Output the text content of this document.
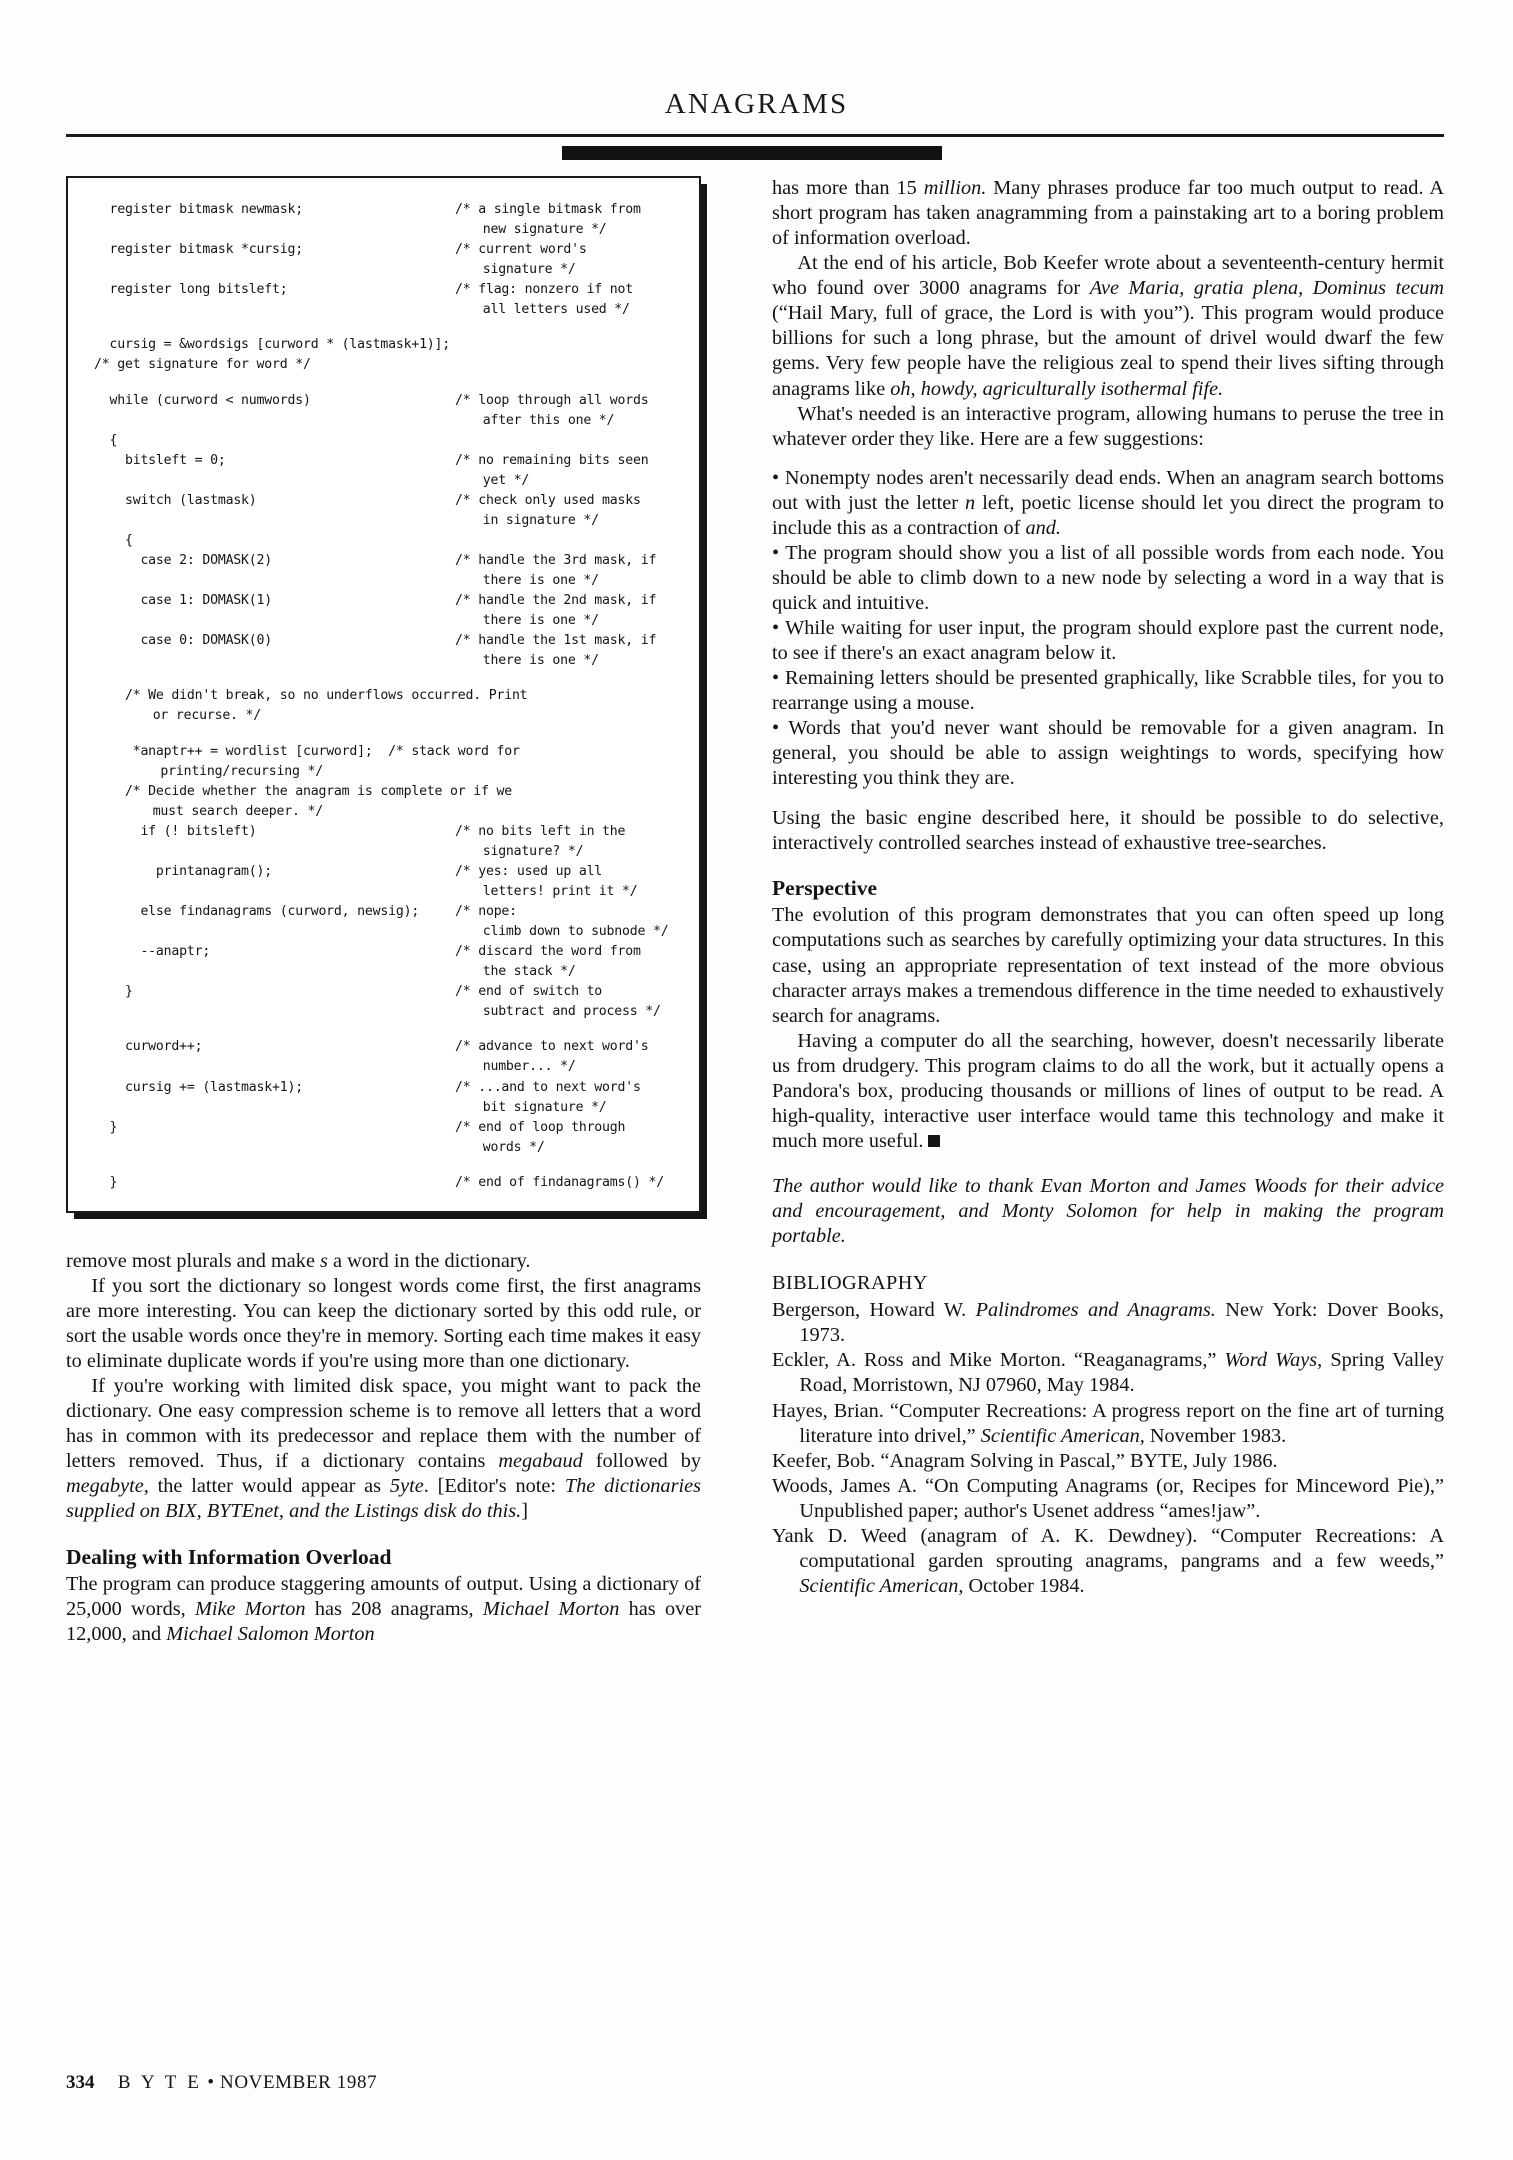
ANAGRAMS
register bitmask newmask;	/* a single bitmask from
new signature */

register bitmask *cursig;	/* current word's
signature */

register long bitsleft;	/* flag: nonzero if not
all letters used */

cursig = &wordsigs [curword * (lastmask+1)];	
/* get signature for word */	

while (curword < numwords)	/* loop through all words
after this one */

{	
bitsleft = 0;	/* no remaining bits seen
yet */

switch (lastmask)	/* check only used masks
in signature */

{	
case 2: DOMASK(2)	/* handle the 3rd mask, if
there is one */

case 1: DOMASK(1)	/* handle the 2nd mask, if
there is one */

case 0: DOMASK(0)	/* handle the 1st mask, if
there is one */

/* We didn't break, so no underflows occurred. Print
or recurse. */	

*anaptr++ = wordlist [curword];  /* stack word for
printing/recursing */	

/* Decide whether the anagram is complete or if we
must search deeper. */	

if (! bitsleft)	/* no bits left in the
signature? */

printanagram();	/* yes: used up all
letters! print it */

else findanagrams (curword, newsig);	/* nope:
climb down to subnode */

--anaptr;	/* discard the word from
the stack */

}	/* end of switch to
subtract and process */

curword++;	/* advance to next word's
number... */

cursig += (lastmask+1);	/* ...and to next word's
bit signature */

}	/* end of loop through
words */

}	/* end of findanagrams() */

remove most plurals and make s a word in the dictionary.

If you sort the dictionary so longest words come first, the first anagrams are more interesting. You can keep the dictionary sorted by this odd rule, or sort the usable words once they're in memory. Sorting each time makes it easy to eliminate duplicate words if you're using more than one dictionary.

If you're working with limited disk space, you might want to pack the dictionary. One easy compression scheme is to remove all letters that a word has in common with its predecessor and replace them with the number of letters removed. Thus, if a dictionary contains megabaud followed by megabyte, the latter would appear as 5yte. [Editor's note: The dictionaries supplied on BIX, BYTEnet, and the Listings disk do this.]

Dealing with Information Overload

The program can produce staggering amounts of output. Using a dictionary of 25,000 words, Mike Morton has 208 anagrams, Michael Morton has over 12,000, and Michael Salomon Morton

has more than 15 million. Many phrases produce far too much output to read. A short program has taken anagramming from a painstaking art to a boring problem of information overload.

At the end of his article, Bob Keefer wrote about a seventeenth-century hermit who found over 3000 anagrams for Ave Maria, gratia plena, Dominus tecum (“Hail Mary, full of grace, the Lord is with you”). This program would produce billions for such a long phrase, but the amount of drivel would dwarf the few gems. Very few people have the religious zeal to spend their lives sifting through anagrams like oh, howdy, agriculturally isothermal fife.

What's needed is an interactive program, allowing humans to peruse the tree in whatever order they like. Here are a few suggestions:

• Nonempty nodes aren't necessarily dead ends. When an anagram search bottoms out with just the letter n left, poetic license should let you direct the program to include this as a contraction of and.

• The program should show you a list of all possible words from each node. You should be able to climb down to a new node by selecting a word in a way that is quick and intuitive.

• While waiting for user input, the program should explore past the current node, to see if there's an exact anagram below it.

• Remaining letters should be presented graphically, like Scrabble tiles, for you to rearrange using a mouse.

• Words that you'd never want should be removable for a given anagram. In general, you should be able to assign weightings to words, specifying how interesting you think they are.

Using the basic engine described here, it should be possible to do selective, interactively controlled searches instead of exhaustive tree-searches.

Perspective

The evolution of this program demonstrates that you can often speed up long computations such as searches by carefully optimizing your data structures. In this case, using an appropriate representation of text instead of the more obvious character arrays makes a tremendous difference in the time needed to exhaustively search for anagrams.

Having a computer do all the searching, however, doesn't necessarily liberate us from drudgery. This program claims to do all the work, but it actually opens a Pandora's box, producing thousands or millions of lines of output to be read. A high-quality, interactive user interface would tame this technology and make it much more useful.

The author would like to thank Evan Morton and James Woods for their advice and encouragement, and Monty Solomon for help in making the program portable.

BIBLIOGRAPHY

Bergerson, Howard W. Palindromes and Anagrams. New York: Dover Books, 1973.

Eckler, A. Ross and Mike Morton. “Reaganagrams,” Word Ways, Spring Valley Road, Morristown, NJ 07960, May 1984.

Hayes, Brian. “Computer Recreations: A progress report on the fine art of turning literature into drivel,” Scientific American, November 1983.

Keefer, Bob. “Anagram Solving in Pascal,” BYTE, July 1986.

Woods, James A. “On Computing Anagrams (or, Recipes for Minceword Pie),” Unpublished paper; author's Usenet address “ames!jaw”.

Yank D. Weed (anagram of A. K. Dewdney). “Computer Recreations: A computational garden sprouting anagrams, pangrams and a few weeds,” Scientific American, October 1984.

334 B Y T E • NOVEMBER 1987
